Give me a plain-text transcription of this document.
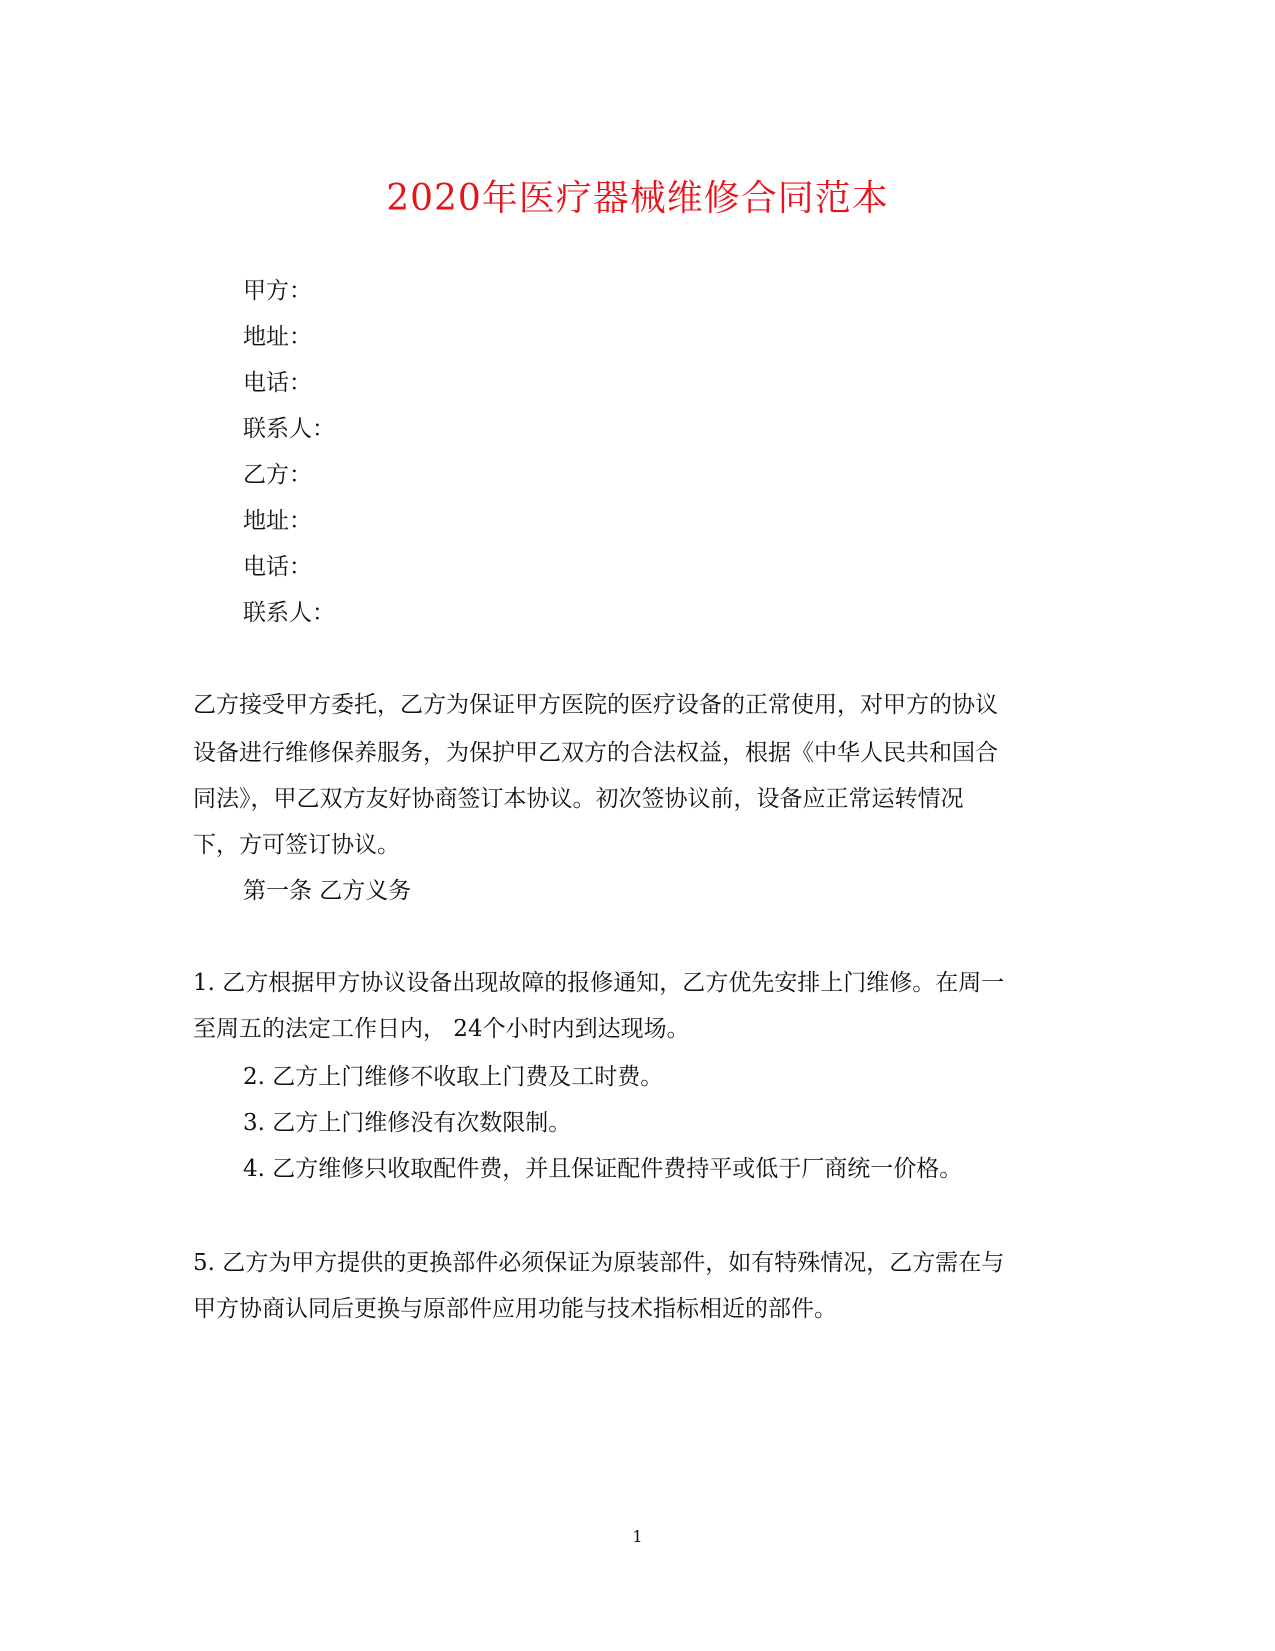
2020年医疗器械维修合同范本
甲方：
地址：
电话：
联系人：
乙方：
地址：
电话：
联系人：
乙方接受甲方委托，乙方为保证甲方医院的医疗设备的正常使用，对甲方的协议
设备进行维修保养服务，为保护甲乙双方的合法权益，根据《中华人民共和国合
同法》，甲乙双方友好协商签订本协议。初次签协议前，设备应正常运转情况
下，方可签订协议。
第一条 乙方义务
1. 乙方根据甲方协议设备出现故障的报修通知，乙方优先安排上门维修。在周一
至周五的法定工作日内， 24个小时内到达现场。
2. 乙方上门维修不收取上门费及工时费。
3. 乙方上门维修没有次数限制。
4. 乙方维修只收取配件费，并且保证配件费持平或低于厂商统一价格。
5. 乙方为甲方提供的更换部件必须保证为原装部件，如有特殊情况，乙方需在与
甲方协商认同后更换与原部件应用功能与技术指标相近的部件。
1
